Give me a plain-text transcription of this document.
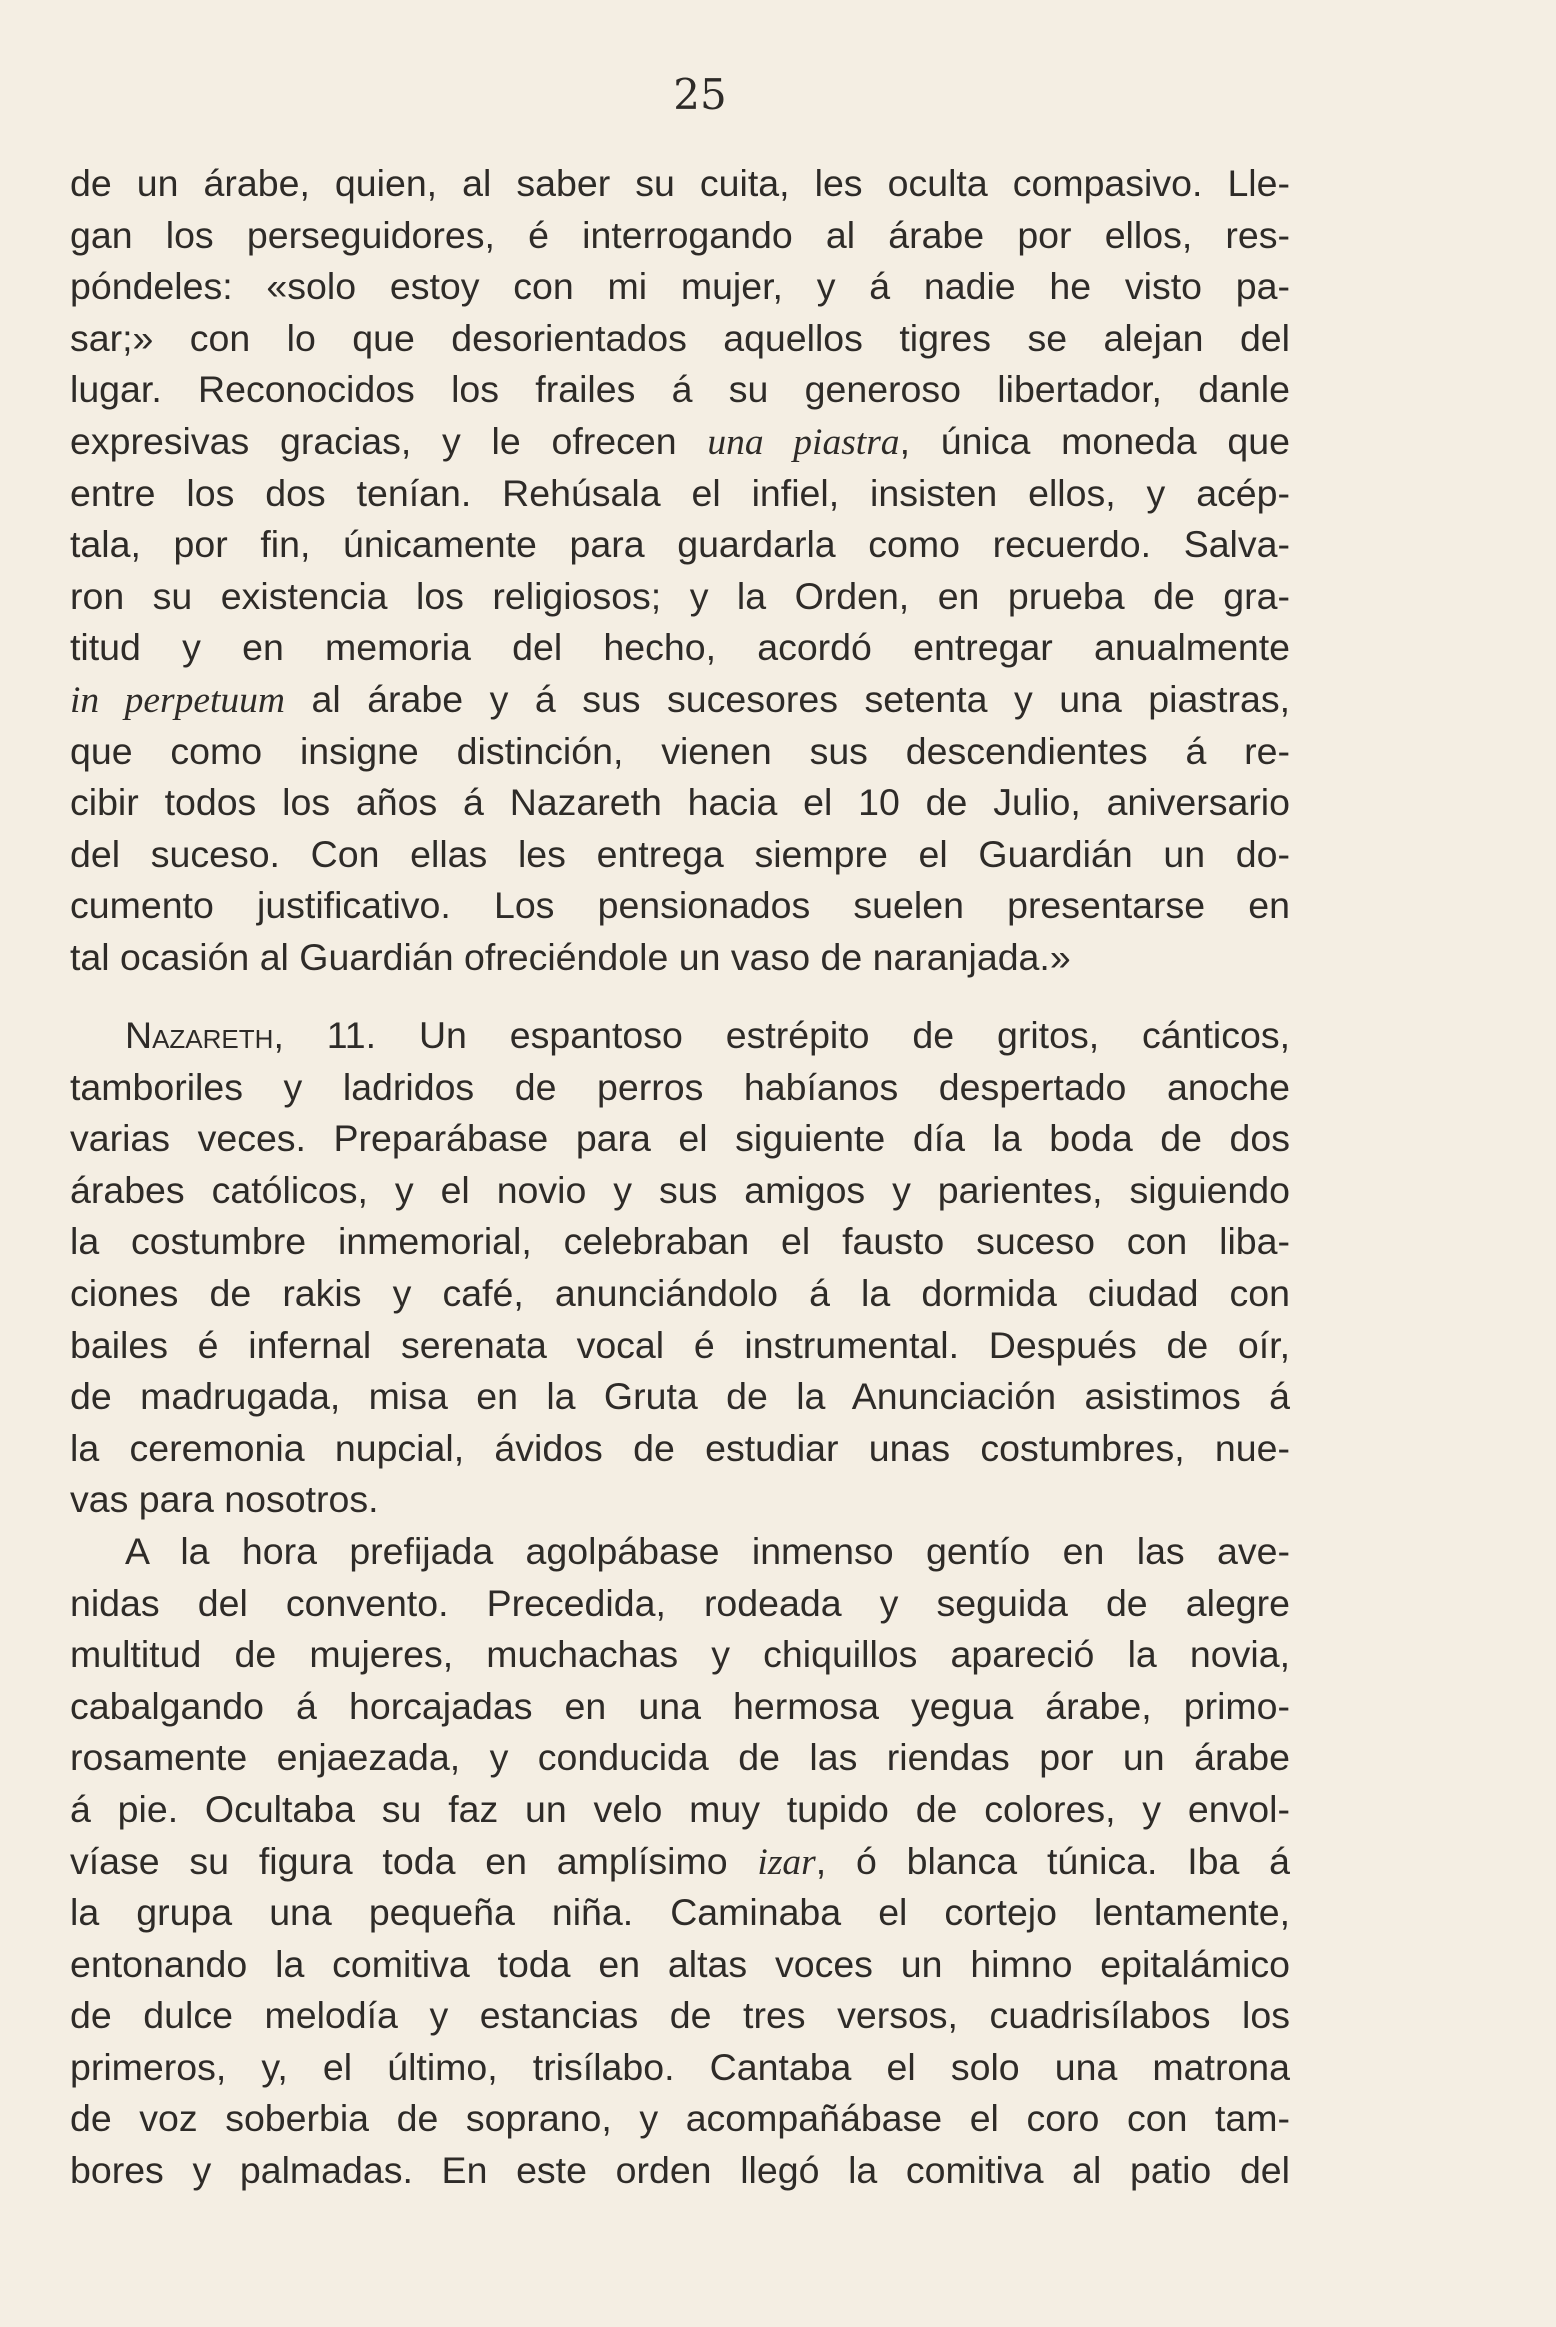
25
de un árabe, quien, al saber su cuita, les oculta compasivo. Lle-
gan los perseguidores, é interrogando al árabe por ellos, res-
póndeles: «solo estoy con mi mujer, y á nadie he visto pa-
sar;» con lo que desorientados aquellos tigres se alejan del
lugar. Reconocidos los frailes á su generoso libertador, danle
expresivas gracias, y le ofrecen una piastra, única moneda que
entre los dos tenían. Rehúsala el infiel, insisten ellos, y acép-
tala, por fin, únicamente para guardarla como recuerdo. Salva-
ron su existencia los religiosos; y la Orden, en prueba de gra-
titud y en memoria del hecho, acordó entregar anualmente
in perpetuum al árabe y á sus sucesores setenta y una piastras,
que como insigne distinción, vienen sus descendientes á re-
cibir todos los años á Nazareth hacia el 10 de Julio, aniversario
del suceso. Con ellas les entrega siempre el Guardián un do-
cumento justificativo. Los pensionados suelen presentarse en
tal ocasión al Guardián ofreciéndole un vaso de naranjada.»
Nazareth, 11. Un espantoso estrépito de gritos, cánticos,
tamboriles y ladridos de perros habíanos despertado anoche
varias veces. Preparábase para el siguiente día la boda de dos
árabes católicos, y el novio y sus amigos y parientes, siguiendo
la costumbre inmemorial, celebraban el fausto suceso con liba-
ciones de rakis y café, anunciándolo á la dormida ciudad con
bailes é infernal serenata vocal é instrumental. Después de oír,
de madrugada, misa en la Gruta de la Anunciación asistimos á
la ceremonia nupcial, ávidos de estudiar unas costumbres, nue-
vas para nosotros.
A la hora prefijada agolpábase inmenso gentío en las ave-
nidas del convento. Precedida, rodeada y seguida de alegre
multitud de mujeres, muchachas y chiquillos apareció la novia,
cabalgando á horcajadas en una hermosa yegua árabe, primo-
rosamente enjaezada, y conducida de las riendas por un árabe
á pie. Ocultaba su faz un velo muy tupido de colores, y envol-
víase su figura toda en amplísimo izar, ó blanca túnica. Iba á
la grupa una pequeña niña. Caminaba el cortejo lentamente,
entonando la comitiva toda en altas voces un himno epitalámico
de dulce melodía y estancias de tres versos, cuadrisílabos los
primeros, y, el último, trisílabo. Cantaba el solo una matrona
de voz soberbia de soprano, y acompañábase el coro con tam-
bores y palmadas. En este orden llegó la comitiva al patio del
